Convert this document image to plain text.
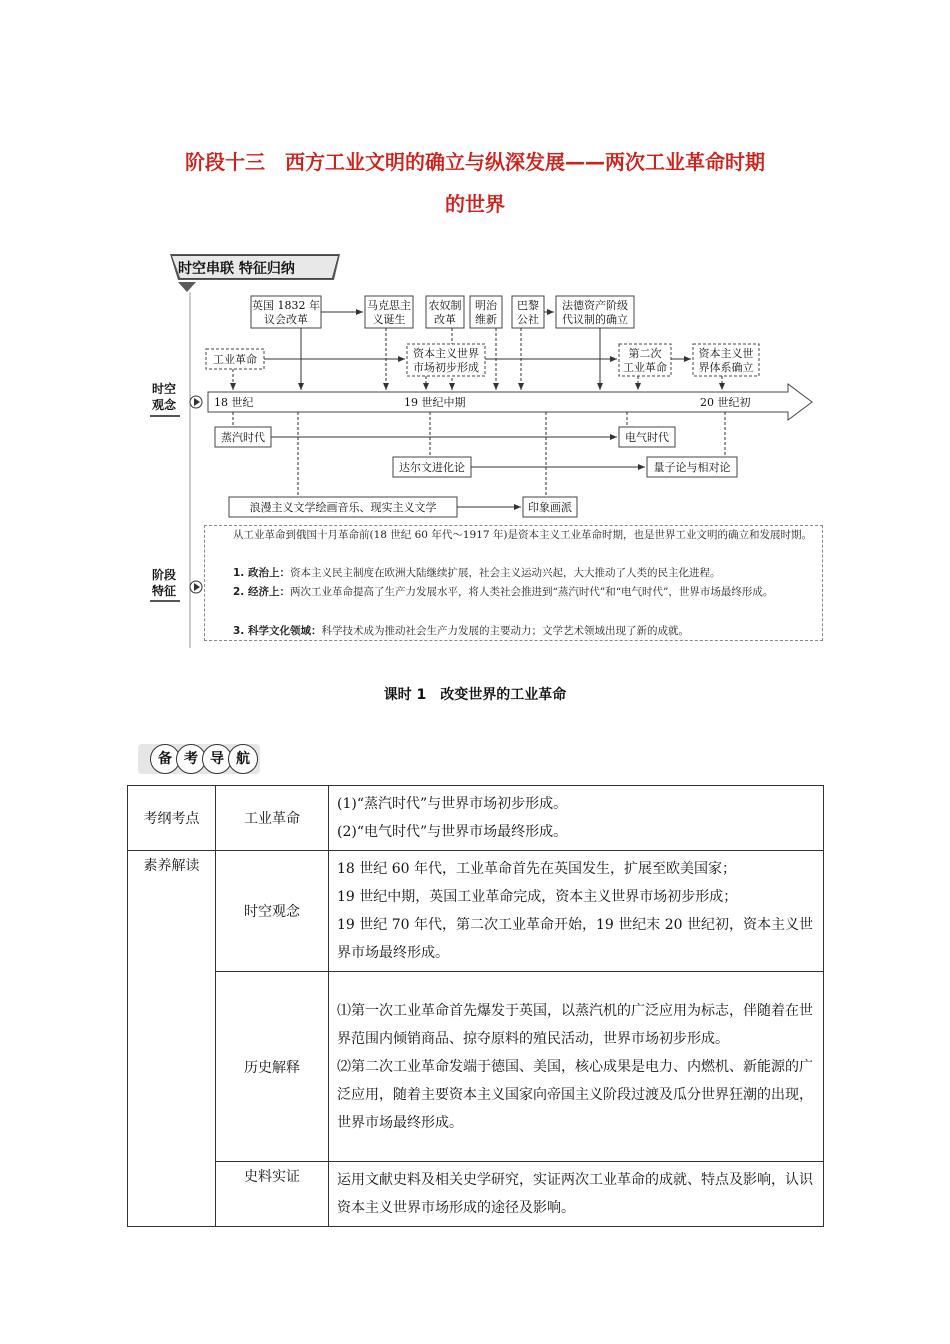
阶段十三　西方工业文明的确立与纵深发展——两次工业革命时期
的世界
时空串联 特征归纳
时空
观念
阶段
特征
18 世纪	19 世纪中期	20 世纪初
英国 1832 年
议会改革
马克思主
义诞生
农奴制
改革
明治
维新
巴黎
公社
法德资产阶级
代议制的确立
工业革命	资本主义世界
市场初步形成
第二次
工业革命
资本主义世
界体系确立
蒸汽时代	电气时代
达尔文进化论	量子论与相对论
浪漫主义文学绘画音乐、现实主义文学	印象画派
从工业革命到俄国十月革命前(18 世纪 60 年代～1917 年)是资本主义工业革命时期，也是世界工业文明的确立和发展时期。
1. 政治上：资本主义民主制度在欧洲大陆继续扩展，社会主义运动兴起，大大推动了人类的民主化进程。
2. 经济上：两次工业革命提高了生产力发展水平，将人类社会推进到“蒸汽时代”和“电气时代”，世界市场最终形成。
3. 科学文化领域：科学技术成为推动社会生产力发展的主要动力；文学艺术领域出现了新的成就。
课时 1　改变世界的工业革命
备 考 导 航
考纲考点	工业革命	(1)“蒸汽时代”与世界市场初步形成。
(2)“电气时代”与世界市场最终形成。

素养解读	时空观念	18 世纪 60 年代，工业革命首先在英国发生，扩展至欧美国家；
19 世纪中期，英国工业革命完成，资本主义世界市场初步形成；
19 世纪 70 年代，第二次工业革命开始，19 世纪末 20 世纪初，资本主义世界市场最终形成。

	历史解释	⑴第一次工业革命首先爆发于英国，以蒸汽机的广泛应用为标志，伴随着在世界范围内倾销商品、掠夺原料的殖民活动，世界市场初步形成。
⑵第二次工业革命发端于德国、美国，核心成果是电力、内燃机、新能源的广泛应用，随着主要资本主义国家向帝国主义阶段过渡及瓜分世界狂潮的出现，世界市场最终形成。

	史料实证	运用文献史料及相关史学研究，实证两次工业革命的成就、特点及影响，认识资本主义世界市场形成的途径及影响。
